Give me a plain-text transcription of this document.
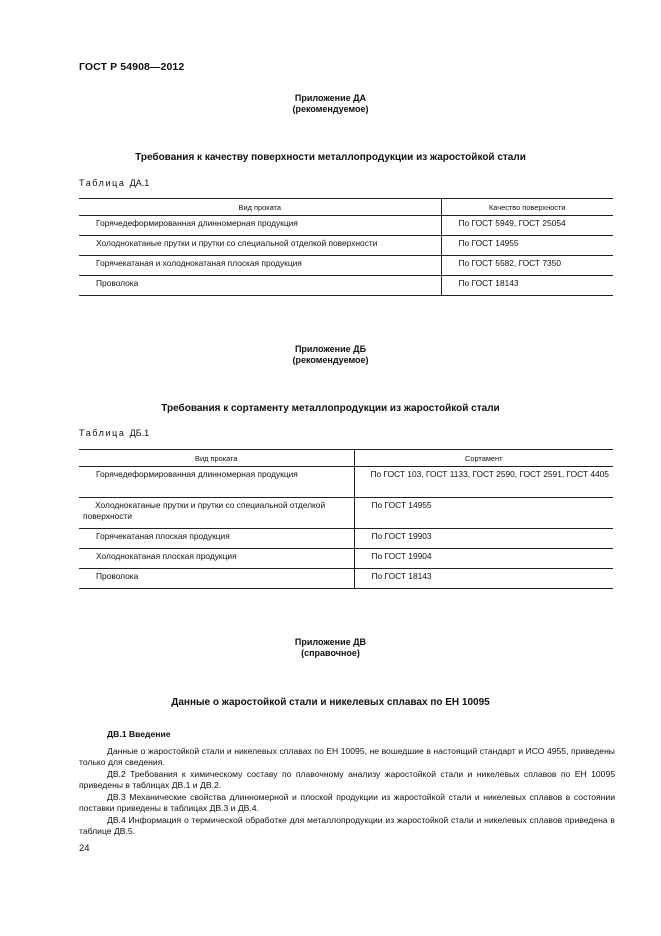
ГОСТ Р 54908—2012
Приложение ДА
(рекомендуемое)
Требования к качеству поверхности металлопродукции из жаростойкой стали
Таблица ДА.1
Вид проката	Качество поверхности
Горячедеформированная длинномерная продукция	По ГОСТ 5949, ГОСТ 25054
Холоднокатаные прутки и прутки со специальной отделкой поверхности	По ГОСТ 14955
Горячекатаная и холоднокатаная плоская продукция	По ГОСТ 5582, ГОСТ 7350
Проволока	По ГОСТ 18143
Приложение ДБ
(рекомендуемое)
Требования к сортаменту металлопродукции из жаростойкой стали
Таблица ДБ.1
Вид проката	Сортамент
Горячедеформированная длинномерная продукция	По ГОСТ 103, ГОСТ 1133, ГОСТ 2590, ГОСТ 2591, ГОСТ 4405
Холоднокатаные прутки и прутки со специальной отделкой поверхности	По ГОСТ 14955
Горячекатаная плоская продукция	По ГОСТ 19903
Холоднокатаная плоская продукция	По ГОСТ 19904
Проволока	По ГОСТ 18143
Приложение ДВ
(справочное)
Данные о жаростойкой стали и никелевых сплавах по ЕН 10095

ДВ.1 Введение

Данные о жаростойкой стали и никелевых сплавах по ЕН 10095, не вошедшие в настоящий стандарт и ИСО 4955, приведены только для сведения.

ДВ.2 Требования к химическому составу по плавочному анализу жаростойкой стали и никелевых сплавов по ЕН 10095 приведены в таблицах ДВ.1 и ДВ.2.

ДВ.3 Механические свойства длинномерной и плоской продукции из жаростойкой стали и никелевых сплавов в состоянии поставки приведены в таблицах ДВ.3 и ДВ.4.

ДВ.4 Информация о термической обработке для металлопродукции из жаростойкой стали и никелевых сплавов приведена в таблице ДВ.5.

24
